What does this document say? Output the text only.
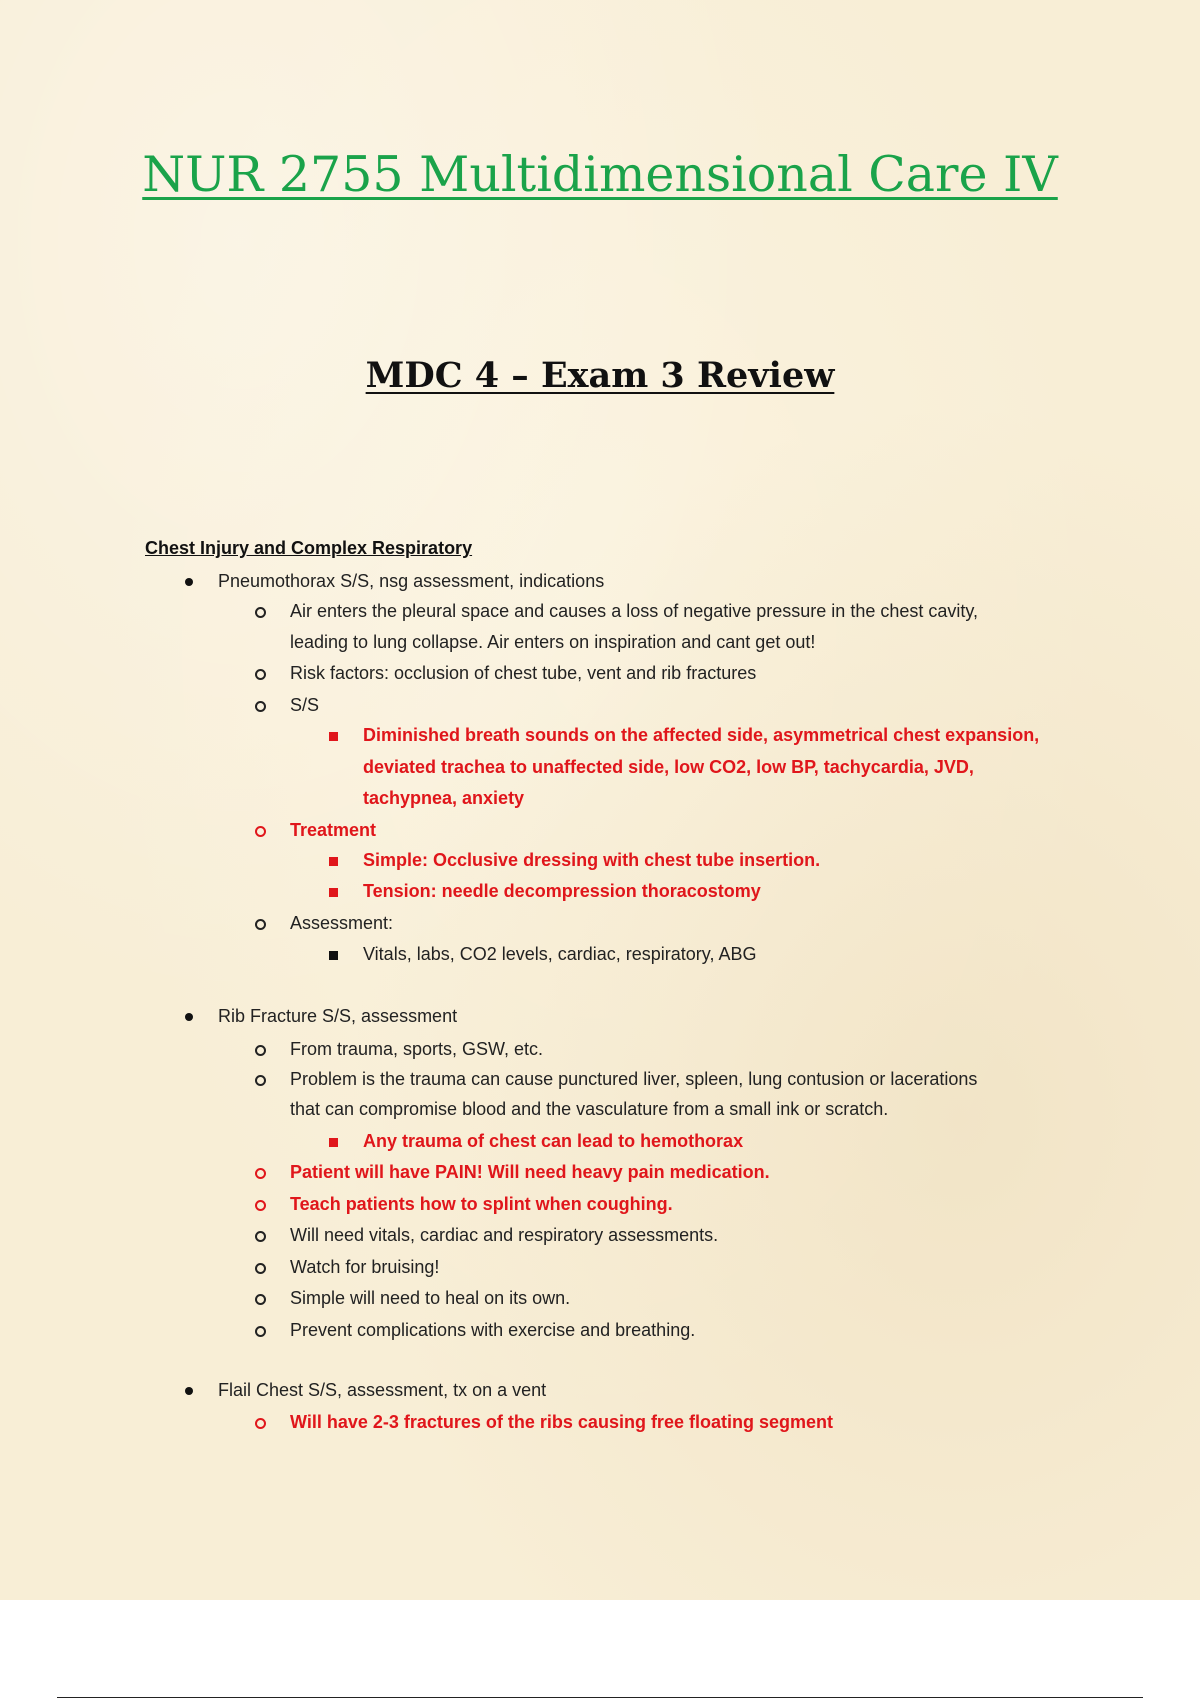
NUR 2755 Multidimensional Care IV
MDC 4 – Exam 3 Review

Chest Injury and Complex Respiratory

Pneumothorax S/S, nsg assessment, indications
Air enters the pleural space and causes a loss of negative pressure in the chest cavity,
leading to lung collapse. Air enters on inspiration and cant get out!
Risk factors: occlusion of chest tube, vent and rib fractures
S/S
Diminished breath sounds on the affected side, asymmetrical chest expansion,
deviated trachea to unaffected side, low CO2, low BP, tachycardia, JVD,
tachypnea, anxiety
Treatment
Simple: Occlusive dressing with chest tube insertion.
Tension: needle decompression thoracostomy
Assessment:
Vitals, labs, CO2 levels, cardiac, respiratory, ABG
Rib Fracture S/S, assessment
From trauma, sports, GSW, etc.
Problem is the trauma can cause punctured liver, spleen, lung contusion or lacerations
that can compromise blood and the vasculature from a small ink or scratch.
Any trauma of chest can lead to hemothorax
Patient will have PAIN! Will need heavy pain medication.
Teach patients how to splint when coughing.
Will need vitals, cardiac and respiratory assessments.
Watch for bruising!
Simple will need to heal on its own.
Prevent complications with exercise and breathing.
Flail Chest S/S, assessment, tx on a vent
Will have 2-3 fractures of the ribs causing free floating segment
